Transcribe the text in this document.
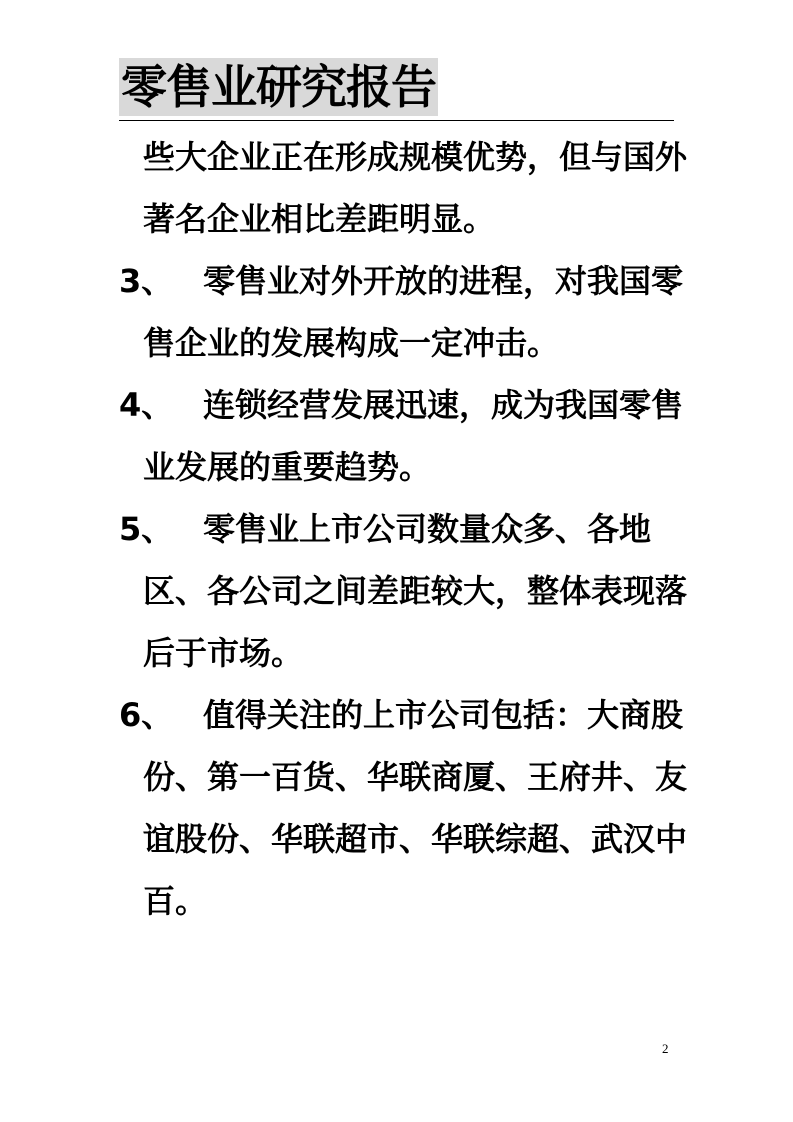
零售业研究报告
些大企业正在形成规模优势，但与国外
著名企业相比差距明显。
3、 零售业对外开放的进程，对我国零
售企业的发展构成一定冲击。
4、 连锁经营发展迅速，成为我国零售
业发展的重要趋势。
5、 零售业上市公司数量众多、各地
区、各公司之间差距较大，整体表现落
后于市场。
6、 值得关注的上市公司包括：大商股
份、第一百货、华联商厦、王府井、友
谊股份、华联超市、华联综超、武汉中
百。
2
